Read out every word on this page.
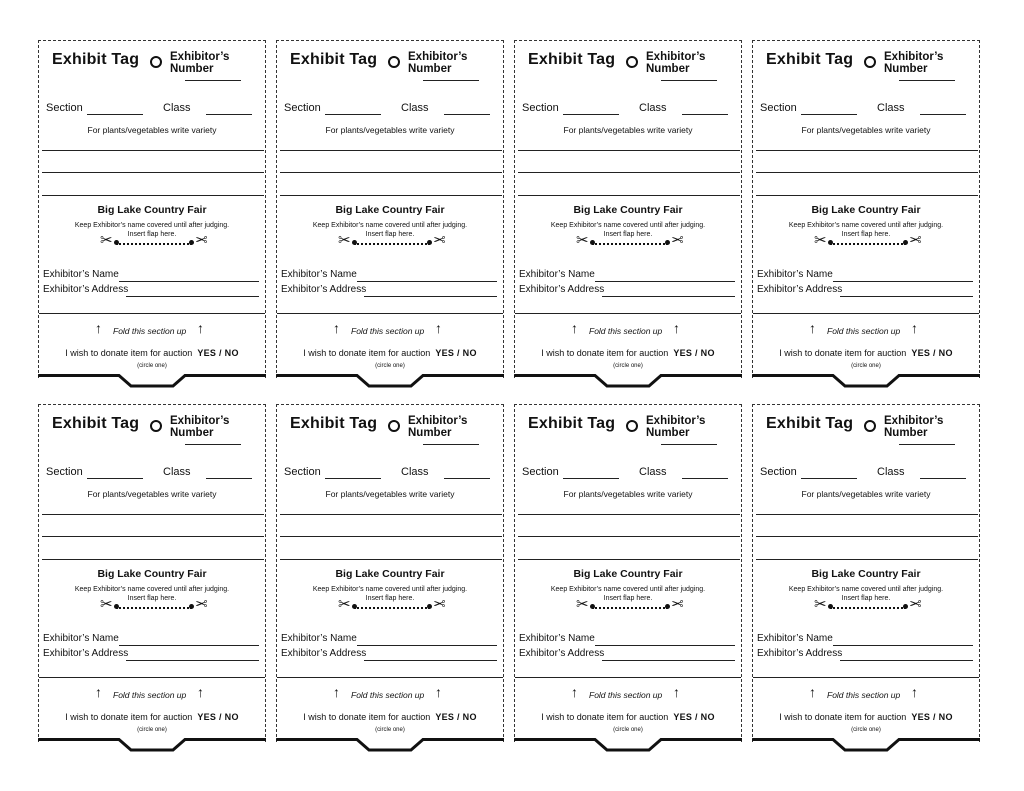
Exhibit Tag	Exhibitor’s Number
Section	Class
For plants/vegetables write variety
Big Lake Country Fair
Keep Exhibitor’s name covered until after judging.
Insert flap here.
✂	✂
Exhibitor’s Name
Exhibitor’s Address
↑ Fold this section up ↑
I wish to donate item for auction YES / NO
(circle one)
Exhibit Tag	Exhibitor’s Number
Section	Class
For plants/vegetables write variety
Big Lake Country Fair
Keep Exhibitor’s name covered until after judging.
Insert flap here.
✂	✂
Exhibitor’s Name
Exhibitor’s Address
↑ Fold this section up ↑
I wish to donate item for auction YES / NO
(circle one)
Exhibit Tag	Exhibitor’s Number
Section	Class
For plants/vegetables write variety
Big Lake Country Fair
Keep Exhibitor’s name covered until after judging.
Insert flap here.
✂	✂
Exhibitor’s Name
Exhibitor’s Address
↑ Fold this section up ↑
I wish to donate item for auction YES / NO
(circle one)
Exhibit Tag	Exhibitor’s Number
Section	Class
For plants/vegetables write variety
Big Lake Country Fair
Keep Exhibitor’s name covered until after judging.
Insert flap here.
✂	✂
Exhibitor’s Name
Exhibitor’s Address
↑ Fold this section up ↑
I wish to donate item for auction YES / NO
(circle one)
Exhibit Tag	Exhibitor’s Number
Section	Class
For plants/vegetables write variety
Big Lake Country Fair
Keep Exhibitor’s name covered until after judging.
Insert flap here.
✂	✂
Exhibitor’s Name
Exhibitor’s Address
↑ Fold this section up ↑
I wish to donate item for auction YES / NO
(circle one)
Exhibit Tag	Exhibitor’s Number
Section	Class
For plants/vegetables write variety
Big Lake Country Fair
Keep Exhibitor’s name covered until after judging.
Insert flap here.
✂	✂
Exhibitor’s Name
Exhibitor’s Address
↑ Fold this section up ↑
I wish to donate item for auction YES / NO
(circle one)
Exhibit Tag	Exhibitor’s Number
Section	Class
For plants/vegetables write variety
Big Lake Country Fair
Keep Exhibitor’s name covered until after judging.
Insert flap here.
✂	✂
Exhibitor’s Name
Exhibitor’s Address
↑ Fold this section up ↑
I wish to donate item for auction YES / NO
(circle one)
Exhibit Tag	Exhibitor’s Number
Section	Class
For plants/vegetables write variety
Big Lake Country Fair
Keep Exhibitor’s name covered until after judging.
Insert flap here.
✂	✂
Exhibitor’s Name
Exhibitor’s Address
↑ Fold this section up ↑
I wish to donate item for auction YES / NO
(circle one)
